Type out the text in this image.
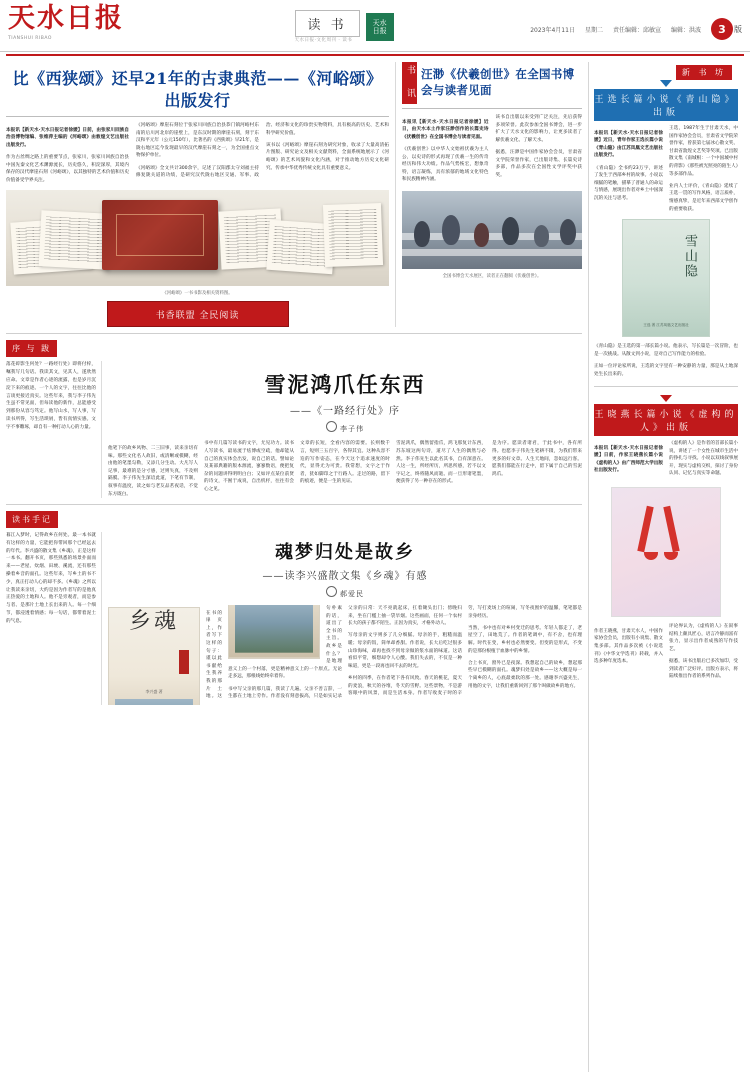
天水日报
TIANSHUI RIBAO
读 书
天水日报·文化周刊 · 读书
天水
日报	2023年4月11日 星期二 责任编辑：邱敏宣 编辑：洪波	3	版
比《西狭颂》还早21年的古隶典范——《河峪颂》出版发行

本报讯【新天水·天水日报记者徐媛】日前，由张家川回族自治县博物馆编、张维萍主编的《河峪颂》由敦煌文艺出版社出版发行。

作为古丝绸之路上的重要节点，张家川，张家川回族自治县中国先秦文化艺术渊源流长，历史悠久，积淀深厚，其境内保存的汉代摩崖石刻《河峪颂》，以其独特的艺术价值和历史价值备受学界关注。

《河峪颂》摩崖石刻位于张家川回族自治县恭门镇河峪村东南的后川河北岸的崖壁上，是东汉时期的摩崖石刻，刻于东汉和平元年（公元150年），比著名的《西狭颂》早21年，是陇右地区迄今发现最早的汉代摩崖石刻之一，为全国重点文物保护单位。

《河峪颂》全文共计300余字，记述了汉阳郡太守刘福主持修复陇关道的功绩，是研究汉代陇右地区交通、军事、政治、经济和文化的珍贵实物资料，具有极高的历史、艺术和科学研究价值。

该书以《河峪颂》摩崖石刻为研究对象，收录了大量高清拓片图版、研究论文及相关文献资料，全面系统地展示了《河峪颂》的艺术风貌和文化内涵，对于推动地方历史文化研究、传承中华优秀传统文化具有重要意义。

《河峪颂》一书书影及相关资料图。
书香联盟 全民阅读
书 讯 汪渺《伏羲创世》在全国书博会与读者见面

本报讯【新天水·天水日报记者徐媛】近日，由天水本土作家汪渺创作的长篇史诗《伏羲创世》在全国书博会与读者见面。

《伏羲创世》以中华人文始祖伏羲为主人公，以史诗的形式再现了伏羲一生的传奇经历和伟大功绩。作品气势恢宏，想象奇特，语言凝练，具有浓郁的地域文化特色和民族精神内涵。

该书自出版以来受到广泛关注，先后获得多项荣誉。此次参加全国书博会，进一步扩大了天水文化的影响力，让更多读者了解伏羲文化、了解天水。

据悉，汪渺是中国作家协会会员，甘肃省文学院荣誉作家，已出版诗集、长篇史诗多部，作品多次在全国性文学评奖中获奖。

全国书博会天水展区，读者正在翻阅《伏羲创世》。
序 与 跋
落花碎影生何处？一路经行处》即将付梓，嘱我写几句话。我读其文，见其人，遂欣然应命。文章是作者心迹的流露，也是岁月沉淀下来的痕迹。一个人的文字，往往比他的言谈更接近真实。这些年来，我与李子伟先生虽不常见面，但每读他的新作，总能感受到那份从容与笃定。他写山水，写人事，写读书所得，写生活琐屑，皆有真情实感。文字不事雕琢，却自有一种打动人心的力量。
雪泥鸿爪任东西
——《一路经行处》序
李子伟

他笔下的故乡风物、二三旧事，读来亲切有味。那些文化名人故旧，或清晰或模糊，经由他的笔墨勾勒，又添几分生动。大凡写人记事，最难的是分寸感，过则失真，不及则隔膜。李子伟先生深谙此道，下笔有节制，叙事有温度，读之如与老友品茗夜话，不觉东方既白。

书中有几篇写读书的文字，尤见功力。读书人写读书，最易流于炫博或空疏，他却能从自己的真实体会出发，说自己的话。譬如论及某部典籍的版本源流，寥寥数语，便把复杂的问题讲得明明白白；又如评点某位前贤的诗文，不囿于成说，自出机杼，往往有会心之见。

文章的长短，全看内容的需要。长则数千言，短则三五百字，各得其宜。这种从容不迫的写作姿态，在今天这个追求速度的时代，显得尤为可贵。我常想，文字之于作者，犹如脚印之于行路人。走过的路，留下的痕迹，便是一生的见证。

雪泥鸿爪，偶然留指爪，鸿飞那复计东西，苏东坡这两句诗，道尽了人生的偶然与必然。李子伟先生以此名其书，自有深意在。人这一生，所经所历，所思所感，若不以文字记之，终将随风而逝。而一旦形诸笔墨，便获得了另一种存在的形式。

是为序。愿读者诸君，于此书中，各有所得。也愿李子伟先生笔耕不辍，为我们带来更多的好文章。人生天地间，忽如远行客。愿我们都能在行走中，留下属于自己的雪泥鸿爪。

读书手记
暮江入梦时，记得故乡在何处。最一本书就有这样的力量，它能把你带回那个已经远去的年代。李兴盛的散文集《乡魂》，正是这样一本书。翻开书页，那些熟悉的场景扑面而来——老屋、炊烟、田埂、溪流，还有那些操着乡音的面孔。这些年来，写乡土的书不少，真正打动人心的却不多。《乡魂》之所以让我读来亲切，大约是因为作者写的是他真正热爱的土地和人。他不是旁观者，而是参与者、是那片土地上长出来的人。每一个细节，都浸透着情感；每一句话，都带着泥土的气息。
魂梦归处是故乡
——读李兴盛散文集《乡魂》有感
郝爱民
乡魂
李兴盛 著

在书的扉页上，作者写下这样的句子：谨以此书献给生我养我的那片土地。这句朴素的话，道出了全书的主旨。故乡是什么？是地理意义上的一个村落，更是精神意义上的一个原点。无论走多远，那根线始终牵着你。

书中写父亲的那几篇，我读了几遍。父亲不善言辞，一生都在土地上劳作。作者没有刻意拔高，只是如实记录父亲的日常：天不亮就起床，扛着锄头出门；傍晚归来，坐在门槛上抽一袋旱烟。这些画面，任何一个农村长大的孩子都不陌生。正因为真实，才格外动人。

写母亲的文字则多了几分细腻。母亲的手，粗糙而温暖；母亲的饭，简单却香甜。作者说，长大后吃过很多山珍海味，却再也找不到母亲做的浆水面的味道。这话看似平常，细想却令人心酸。我们失去的，不仅是一种味道，更是一段再也回不去的时光。

乡村的四季，在作者笔下各有风致。春天的桃花，夏天的麦浪，秋天的谷堆，冬天的雪野。这些景物，不是游客眼中的风景，而是生活本身。作者写收麦子时的辛劳，写打麦场上的喧闹，写冬夜围炉的温馨，笔笔都是亲身经历。

当然，书中也有对乡村变迁的思考。年轻人都走了，老屋空了，田地荒了。作者的笔调中，有不舍，也有理解。时代在变，乡村也必然要变。但变的是形式，不变的是那份根植于血脉中的乡情。

合上书页，窗外已是夜深。我想起自己的故乡，想起那些早已模糊的面孔。魂梦归处是故乡——这大概是每一个离乡的人，心底最柔软的那一处。感谢李兴盛先生，用他的文字，让我们重新回到了那个叫做故乡的地方。

新 书 坊
王选长篇小说《青山隐》出版

本报讯【新天水·天水日报记者徐媛】近日，青年作家王选长篇小说《青山隐》由江苏凤凰文艺出版社出版发行。

《青山隐》全书约23万字，讲述了发生于西部乡村的故事。小说以细腻的笔触，描摹了普通人的命运与情感，展现出作者对乡土中国深沉的关注与思考。

王选，1987年生于甘肃天水，中国作家协会会员，甘肃省文学院荣誉作家，曾获第七届冰心散文奖、甘肃省敦煌文艺奖等奖项。已出版散文集《南城根：一个中国城中村的背影》《那些被光照亮的陌生人》等多部作品。

业内人士评价，《青山隐》延续了王选一贯的写作风格，语言质朴，情感真挚，是近年来西部文学创作的重要收获。

雪山隐
王选 著 江苏凤凰文艺出版社

《青山隐》是王选的第一部长篇小说。他表示，写长篇是一次冒险，也是一次挑战。从散文到小说，是对自己写作能力的检验。

正如一位评论家所说，王选的文字里有一种安静的力量，那是从土地深处生长出来的。

王晓燕长篇小说《虚构的人》出版

本报讯【新天水·天水日报记者徐媛】日前，作家王晓燕长篇小说《虚构的人》由广西师范大学出版社出版发行。

《虚构的人》是作者的首部长篇小说，讲述了一个女性在城市生活中的挣扎与寻找。小说以双线叙事展开，现实与虚构交织，探讨了身份认同、记忆与真实等命题。

作者王晓燕，甘肃天水人，中国作家协会会员，出版有小说集、散文集多部。其作品多次被《小说选刊》《中华文学选刊》转载，并入选多种年度选本。

评论界认为，《虚构的人》在叙事结构上颇具匠心，语言冷静而富有张力，显示出作者成熟的写作技艺。

据悉，该书出版后已多次加印，受到读者广泛好评。出版方表示，将陆续推出作者的系列作品。
